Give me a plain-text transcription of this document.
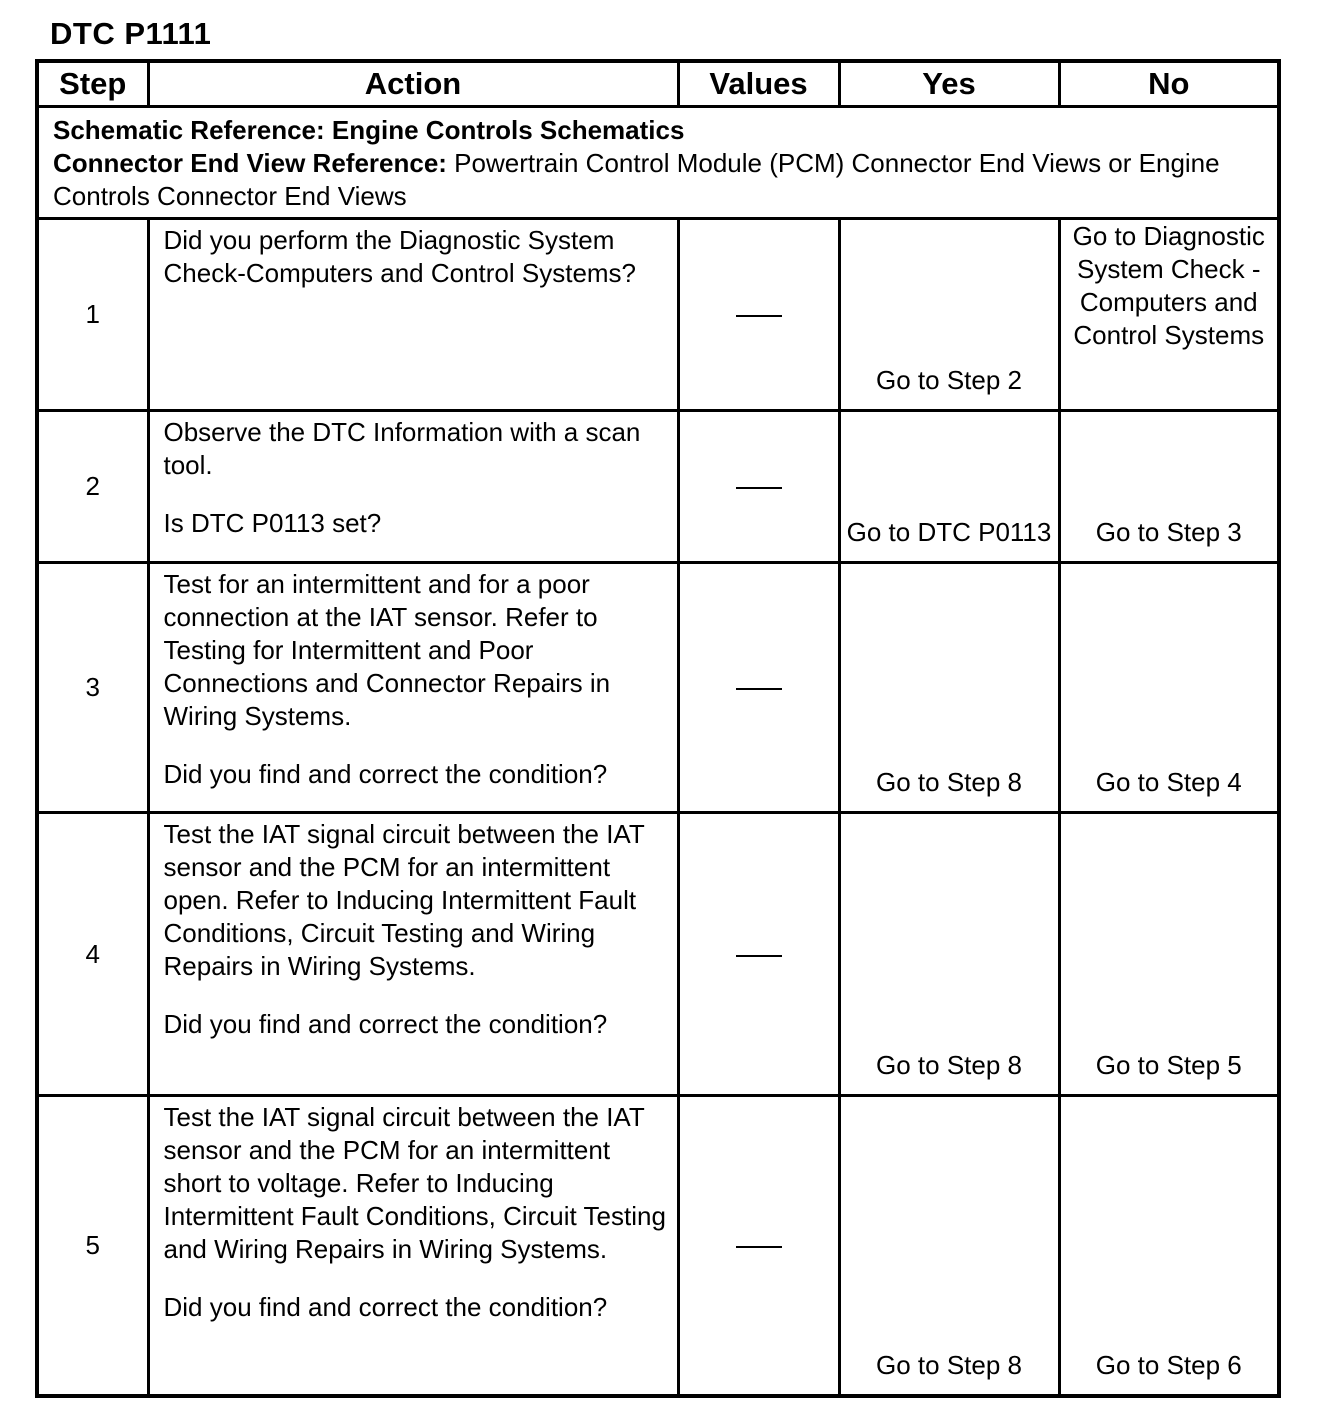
DTC P1111
Step	Action	Values	Yes	No

Schematic Reference: Engine Controls Schematics
Connector End View Reference: Powertrain Control Module (PCM) Connector End Views or Engine Controls Connector End Views				

1	Did you perform the Diagnostic System Check-Computers and Control Systems?		Go to Step 2	Go to Diagnostic System Check - Computers and Control Systems
2	Observe the DTC Information with a scan tool.

Is DTC P0113 set?		Go to DTC P0113	Go to Step 3
3	Test for an intermittent and for a poor connection at the IAT sensor. Refer to Testing for Intermittent and Poor Connections and Connector Repairs in Wiring Systems.

Did you find and correct the condition?		Go to Step 8	Go to Step 4
4	Test the IAT signal circuit between the IAT sensor and the PCM for an intermittent open. Refer to Inducing Intermittent Fault Conditions, Circuit Testing and Wiring Repairs in Wiring Systems.

Did you find and correct the condition?		Go to Step 8	Go to Step 5
5	Test the IAT signal circuit between the IAT sensor and the PCM for an intermittent short to voltage. Refer to Inducing Intermittent Fault Conditions, Circuit Testing and Wiring Repairs in Wiring Systems.

Did you find and correct the condition?		Go to Step 8	Go to Step 6
